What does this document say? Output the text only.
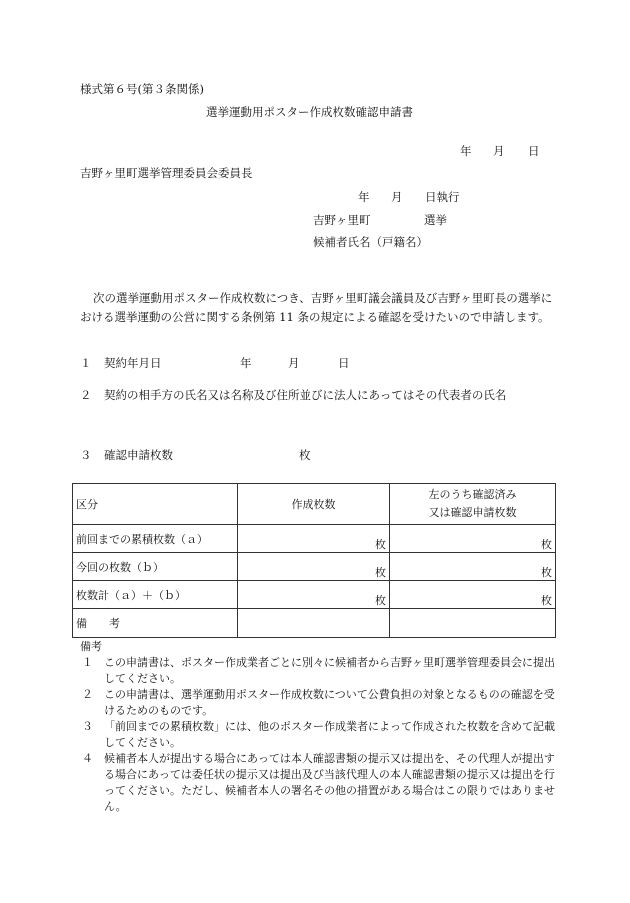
様式第６号(第３条関係)
選挙運動用ポスター作成枚数確認申請書
年 月 日
吉野ヶ里町選挙管理委員会委員長
年 月 日執行
吉野ヶ里町	選挙
候補者氏名（戸籍名）
次の選挙運動用ポスター作成枚数につき、吉野ヶ里町議会議員及び吉野ヶ里町長の選挙における選挙運動の公営に関する条例第 11 条の規定による確認を受けたいので申請します。
１ 契約年月日	年	月	日
２ 契約の相手方の氏名又は名称及び住所並びに法人にあってはその代表者の氏名
３ 確認申請枚数	枚
区分	作成枚数	左のうち確認済み
又は確認申請枚数

前回までの累積枚数（ａ）	枚	枚
今回の枚数（ｂ）	枚	枚
枚数計（ａ）＋（ｂ）	枚	枚
備　　考		
備考
１	この申請書は、ポスター作成業者ごとに別々に候補者から吉野ヶ里町選挙管理委員会に提出してください。
２	この申請書は、選挙運動用ポスター作成枚数について公費負担の対象となるものの確認を受けるためのものです。
３	「前回までの累積枚数」には、他のポスター作成業者によって作成された枚数を含めて記載してください。
４	候補者本人が提出する場合にあっては本人確認書類の提示又は提出を、その代理人が提出する場合にあっては委任状の提示又は提出及び当該代理人の本人確認書類の提示又は提出を行ってください。ただし、候補者本人の署名その他の措置がある場合はこの限りではありません。
